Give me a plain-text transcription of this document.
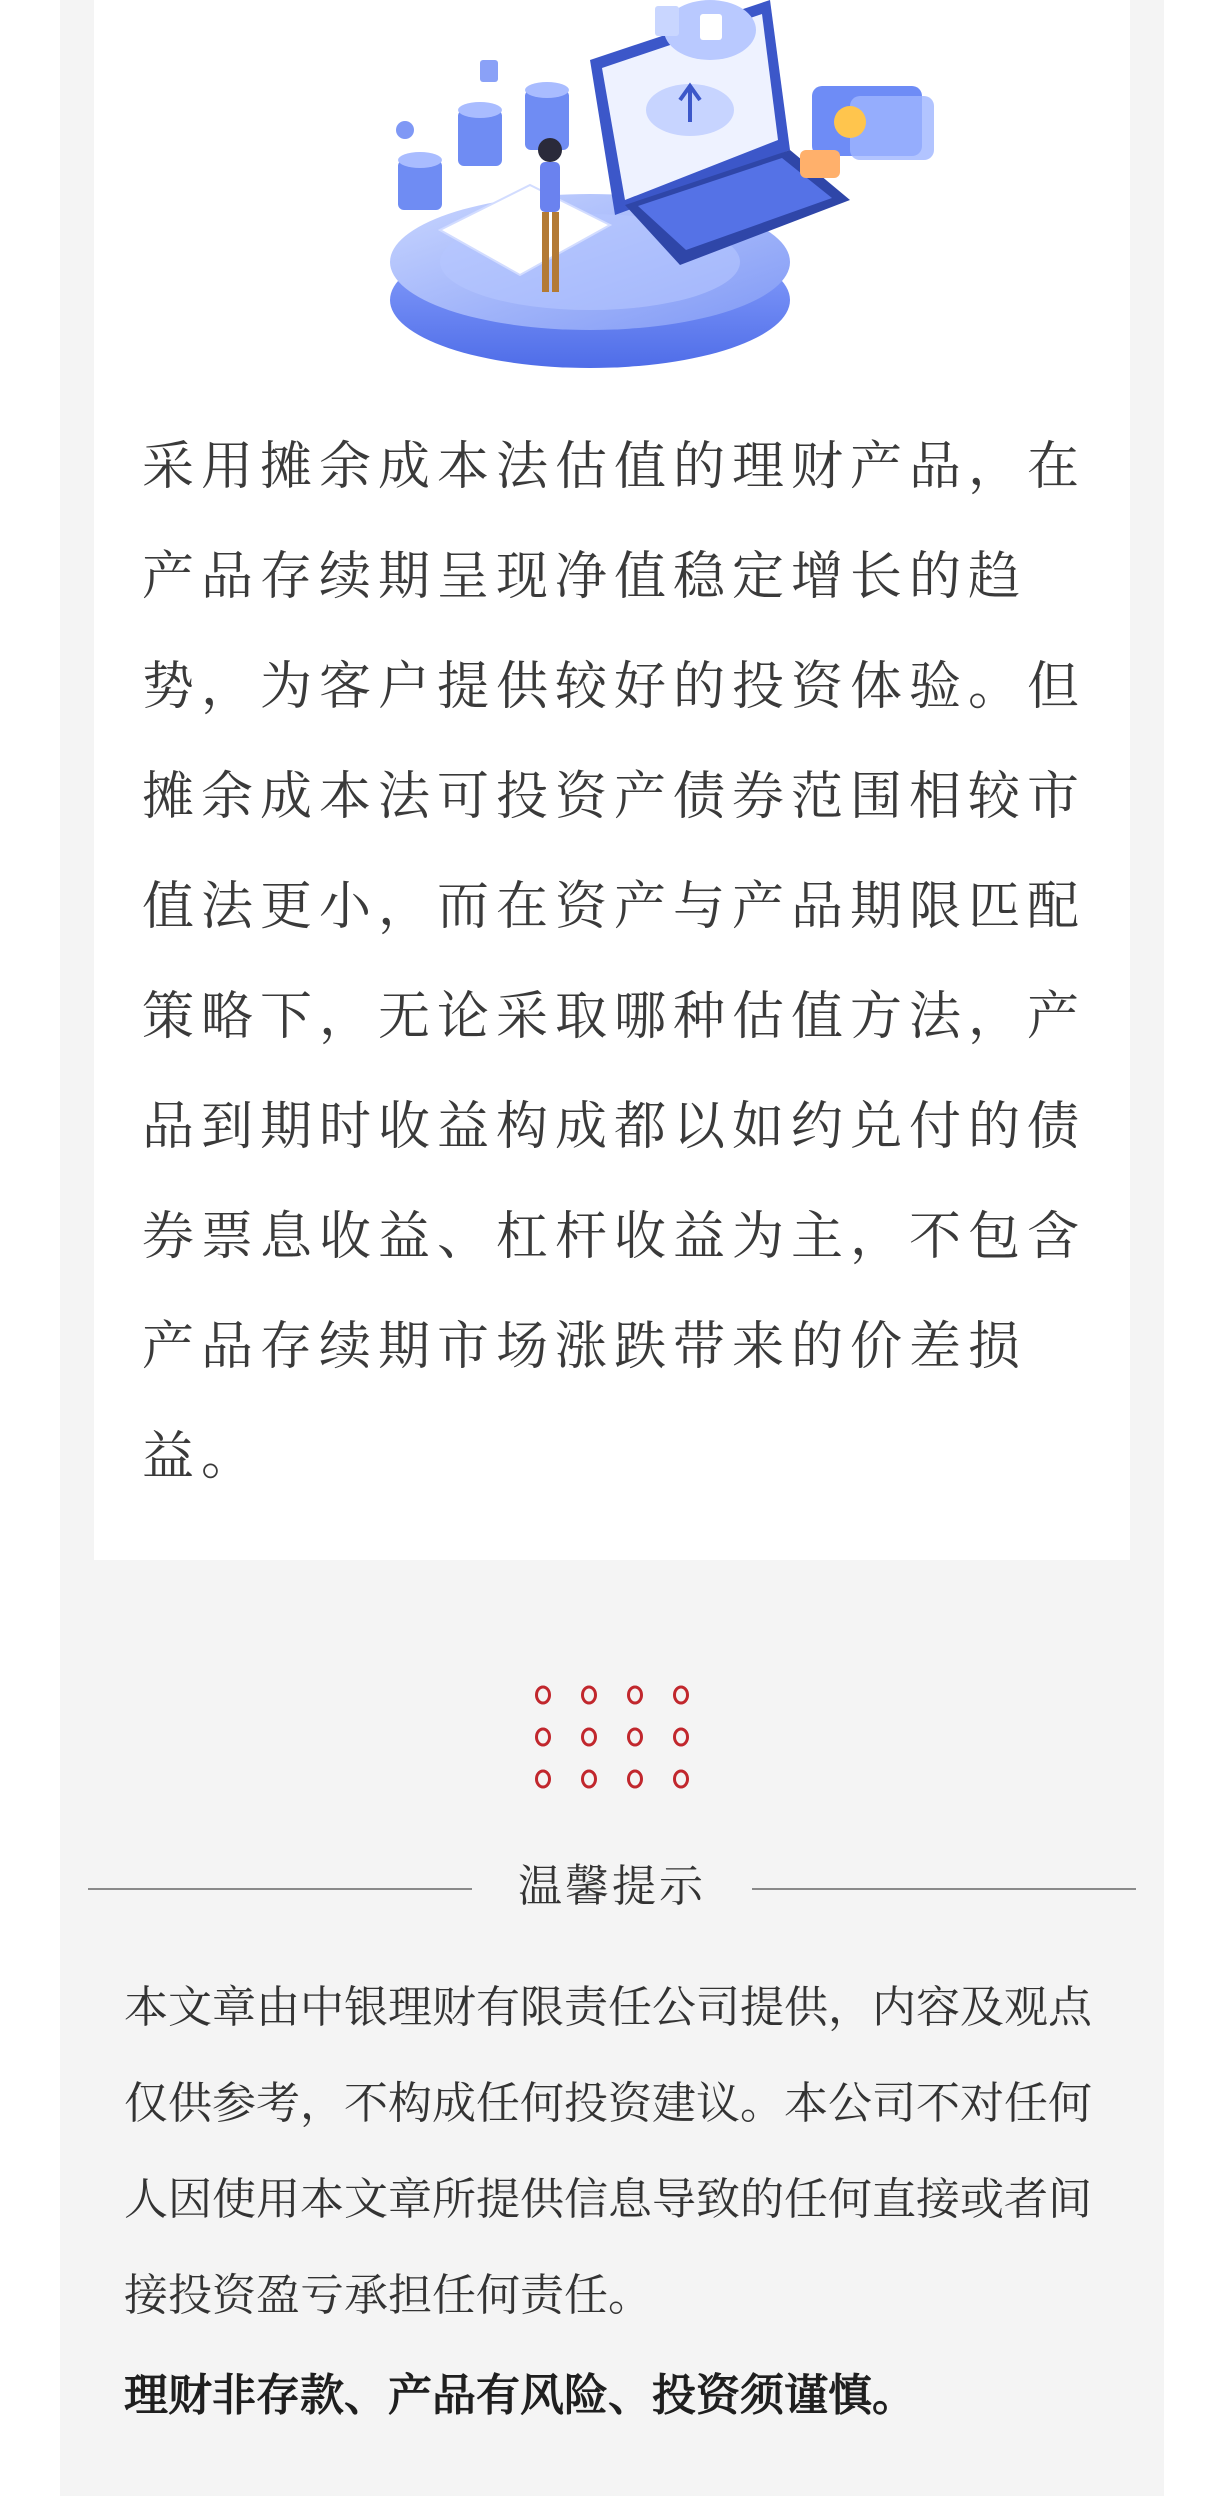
采用摊余成本法估值的理财产品，在产品存续期呈现净值稳定增长的趋势，为客户提供较好的投资体验。但摊余成本法可投资产债券范围相较市值法更小，而在资产与产品期限匹配策略下，无论采取哪种估值方法，产品到期时收益构成都以如约兑付的债券票息收益、杠杆收益为主，不包含产品存续期市场涨跌带来的价差损益。
温馨提示
本文章由中银理财有限责任公司提供，内容及观点仅供参考，不构成任何投资建议。本公司不对任何人因使用本文章所提供信息导致的任何直接或者间接投资盈亏承担任何责任。
理财非存款、产品有风险、投资须谨慎。
